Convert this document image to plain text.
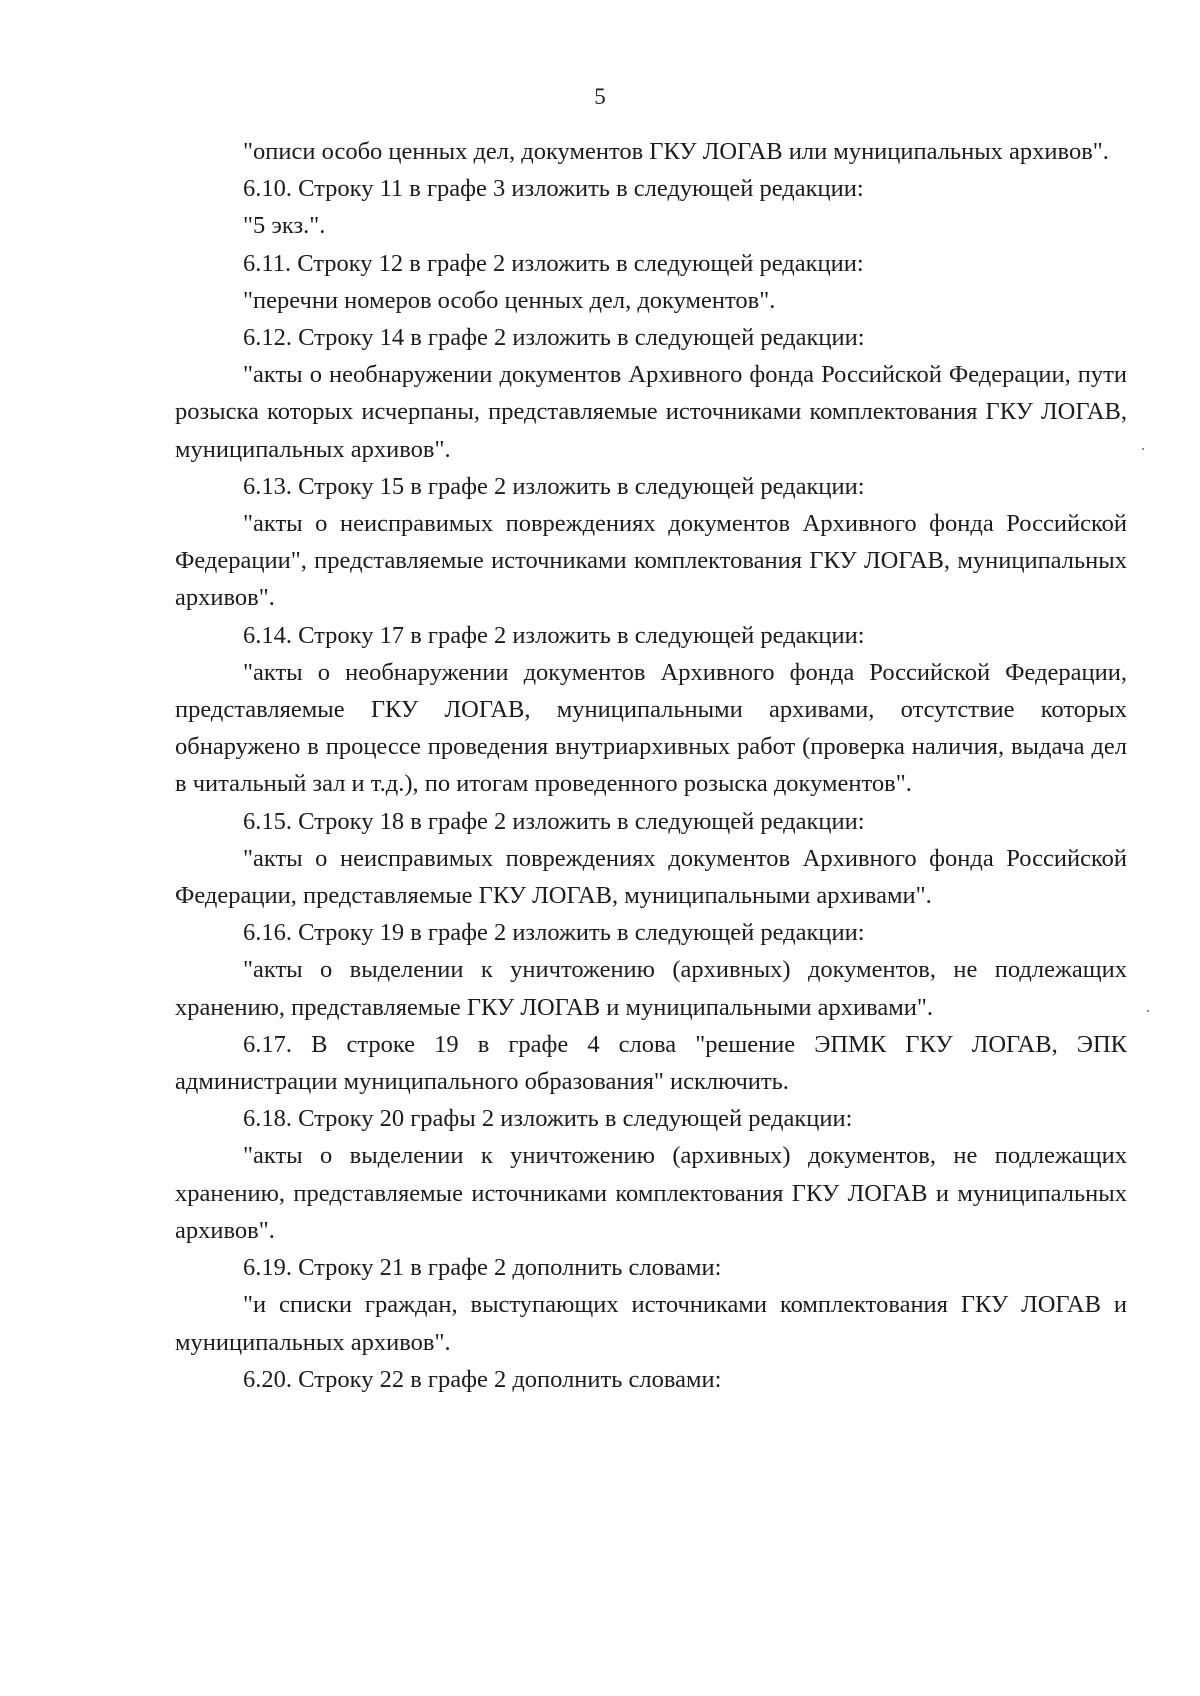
5

"описи особо ценных дел, документов ГКУ ЛОГАВ или муниципальных архивов".

6.10. Строку 11 в графе 3 изложить в следующей редакции:

"5 экз.".

6.11. Строку 12 в графе 2 изложить в следующей редакции:

"перечни номеров особо ценных дел, документов".

6.12. Строку 14 в графе 2 изложить в следующей редакции:

"акты о необнаружении документов Архивного фонда Российской Федерации, пути розыска которых исчерпаны, представляемые источниками комплектования ГКУ ЛОГАВ, муниципальных архивов".

6.13. Строку 15 в графе 2 изложить в следующей редакции:

"акты о неисправимых повреждениях документов Архивного фонда Российской Федерации", представляемые источниками комплектования ГКУ ЛОГАВ, муниципальных архивов".

6.14. Строку 17 в графе 2 изложить в следующей редакции:

"акты о необнаружении документов Архивного фонда Российской Федерации, представляемые ГКУ ЛОГАВ, муниципальными архивами, отсутствие которых обнаружено в процессе проведения внутриархивных работ (проверка наличия, выдача дел в читальный зал и т.д.), по итогам проведенного розыска документов".

6.15. Строку 18 в графе 2 изложить в следующей редакции:

"акты о неисправимых повреждениях документов Архивного фонда Российской Федерации, представляемые ГКУ ЛОГАВ, муниципальными архивами".

6.16. Строку 19 в графе 2 изложить в следующей редакции:

"акты о выделении к уничтожению (архивных) документов, не подлежащих хранению, представляемые ГКУ ЛОГАВ и муниципальными архивами".

6.17. В строке 19 в графе 4 слова "решение ЭПМК ГКУ ЛОГАВ, ЭПК администрации муниципального образования" исключить.

6.18. Строку 20 графы 2 изложить в следующей редакции:

"акты о выделении к уничтожению (архивных) документов, не подлежащих хранению, представляемые источниками комплектования ГКУ ЛОГАВ и муниципальных архивов".

6.19. Строку 21 в графе 2 дополнить словами:

"и списки граждан, выступающих источниками комплектования ГКУ ЛОГАВ и муниципальных архивов".

6.20. Строку 22 в графе 2 дополнить словами:
